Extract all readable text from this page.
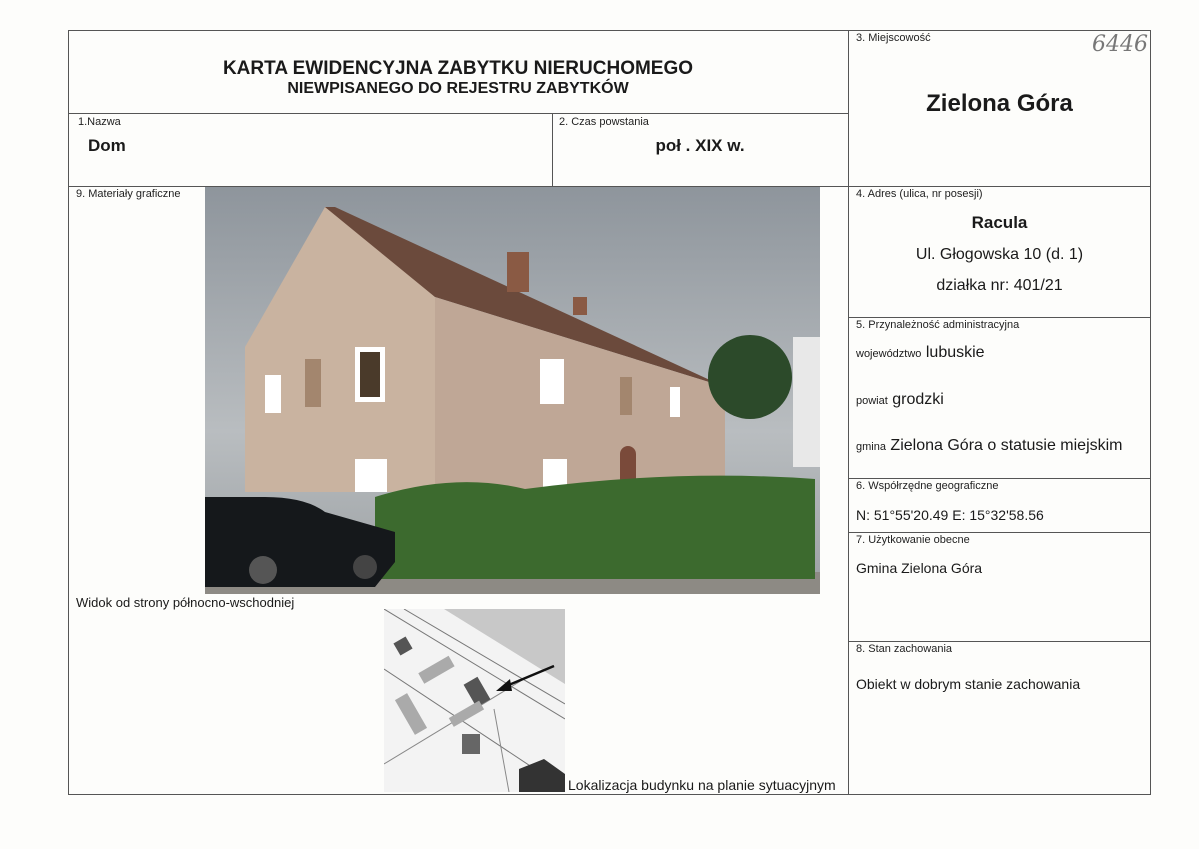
KARTA EWIDENCYJNA ZABYTKU NIERUCHOMEGO
NIEWPISANEGO DO REJESTRU ZABYTKÓW
1.Nazwa
Dom
2. Czas powstania
poł . XIX w.
3. Miejscowość	6446
Zielona Góra
4. Adres (ulica, nr posesji)
Racula
Ul. Głogowska 10 (d. 1)
działka nr: 401/21
5. Przynależność administracyjna
województwo lubuskie
powiat grodzki
gmina Zielona Góra o statusie miejskim
6. Współrzędne geograficzne
N: 51°55'20.49 E: 15°32'58.56
7. Użytkowanie obecne
Gmina Zielona Góra
8. Stan zachowania
Obiekt w dobrym stanie zachowania
9. Materiały graficzne
Widok od strony północno-wschodniej
Lokalizacja budynku na planie sytuacyjnym
